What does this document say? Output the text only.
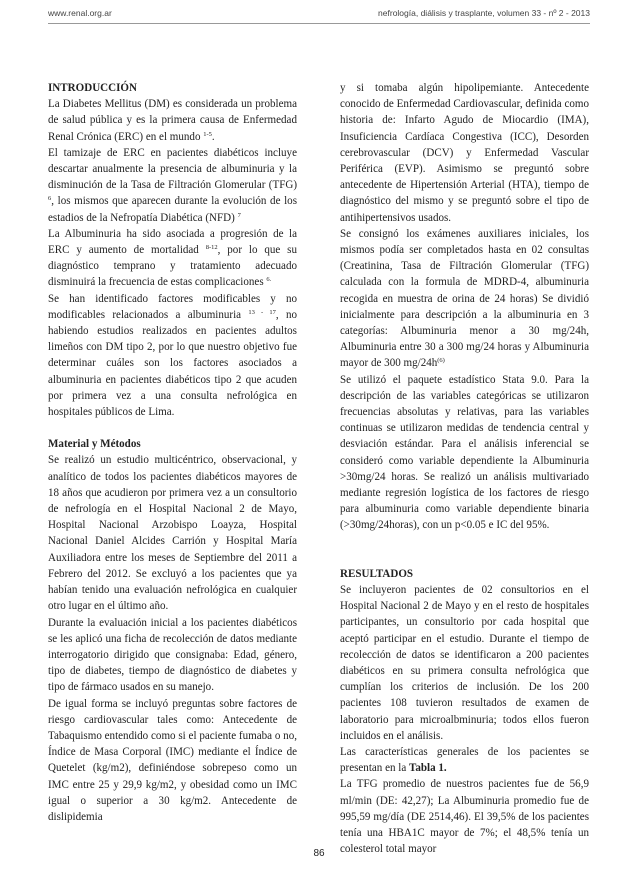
www.renal.org.ar	nefrología, diálisis y trasplante, volumen 33 - nº 2 - 2013
INTRODUCCIÓN

La Diabetes Mellitus (DM) es considerada un problema de salud pública y es la primera causa de Enfermedad Renal Crónica (ERC) en el mundo $^{1-5}$.

El tamizaje de ERC en pacientes diabéticos incluye descartar anualmente la presencia de albuminuria y la disminución de la Tasa de Filtración Glomerular (TFG) $^6$, los mismos que aparecen durante la evolución de los estadios de la Nefropatía Diabética (NFD) $^7$

La Albuminuria ha sido asociada a progresión de la ERC y aumento de mortalidad $^{8-12}$, por lo que su diagnóstico temprano y tratamiento adecuado disminuirá la frecuencia de estas complicaciones $^{6.}$

Se han identificado factores modificables y no modificables relacionados a albuminuria $^{13 - 17}$, no habiendo estudios realizados en pacientes adultos limeños con DM tipo 2, por lo que nuestro objetivo fue determinar cuáles son los factores asociados a albuminuria en pacientes diabéticos tipo 2 que acuden por primera vez a una consulta nefrológica en hospitales públicos de Lima.

Material y Métodos

Se realizó un estudio multicéntrico, observacional, y analítico de todos los pacientes diabéticos mayores de 18 años que acudieron por primera vez a un consultorio de nefrología en el Hospital Nacional 2 de Mayo, Hospital Nacional Arzobispo Loayza, Hospital Nacional Daniel Alcides Carrión y Hospital María Auxiliadora entre los meses de Septiembre del 2011 a Febrero del 2012. Se excluyó a los pacientes que ya habían tenido una evaluación nefrológica en cualquier otro lugar en el último año.

Durante la evaluación inicial a los pacientes diabéticos se les aplicó una ficha de recolección de datos mediante interrogatorio dirigido que consignaba: Edad, género, tipo de diabetes, tiempo de diagnóstico de diabetes y tipo de fármaco usados en su manejo.

De igual forma se incluyó preguntas sobre factores de riesgo cardiovascular tales como: Antecedente de Tabaquismo entendido como si el paciente fumaba o no, Índice de Masa Corporal (IMC) mediante el Índice de Quetelet (kg/m2), definiéndose sobrepeso como un IMC entre 25 y 29,9 kg/m2, y obesidad como un IMC igual o superior a 30 kg/m2. Antecedente de dislipidemia

y si tomaba algún hipolipemiante. Antecedente conocido de Enfermedad Cardiovascular, definida como historia de: Infarto Agudo de Miocardio (IMA), Insuficiencia Cardíaca Congestiva (ICC), Desorden cerebrovascular (DCV) y Enfermedad Vascular Periférica (EVP). Asimismo se preguntó sobre antecedente de Hipertensión Arterial (HTA), tiempo de diagnóstico del mismo y se preguntó sobre el tipo de antihipertensivos usados.

Se consignó los exámenes auxiliares iniciales, los mismos podía ser completados hasta en 02 consultas (Creatinina, Tasa de Filtración Glomerular (TFG) calculada con la formula de MDRD-4, albuminuria recogida en muestra de orina de 24 horas) Se dividió inicialmente para descripción a la albuminuria en 3 categorías: Albuminuria menor a 30 mg/24h, Albuminuria entre 30 a 300 mg/24 horas y Albuminuria mayor de 300 $mg/24h^{(6)}$

Se utilizó el paquete estadístico Stata 9.0. Para la descripción de las variables categóricas se utilizaron frecuencias absolutas y relativas, para las variables continuas se utilizaron medidas de tendencia central y desviación estándar. Para el análisis inferencial se consideró como variable dependiente la Albuminuria >30mg/24 horas. Se realizó un análisis multivariado mediante regresión logística de los factores de riesgo para albuminuria como variable dependiente binaria (>30mg/24horas), con un p<0.05 e IC del 95%.

RESULTADOS

Se incluyeron pacientes de 02 consultorios en el Hospital Nacional 2 de Mayo y en el resto de hospitales participantes, un consultorio por cada hospital que aceptó participar en el estudio. Durante el tiempo de recolección de datos se identificaron a 200 pacientes diabéticos en su primera consulta nefrológica que cumplían los criterios de inclusión. De los 200 pacientes 108 tuvieron resultados de examen de laboratorio para microalbminuria; todos ellos fueron incluidos en el análisis.

Las características generales de los pacientes se presentan en la Tabla 1.

La TFG promedio de nuestros pacientes fue de 56,9 ml/min (DE: 42,27); La Albuminuria promedio fue de 995,59 mg/día (DE 2514,46). El 39,5% de los pacientes tenía una HBA1C mayor de 7%; el 48,5% tenía un colesterol total mayor

86
